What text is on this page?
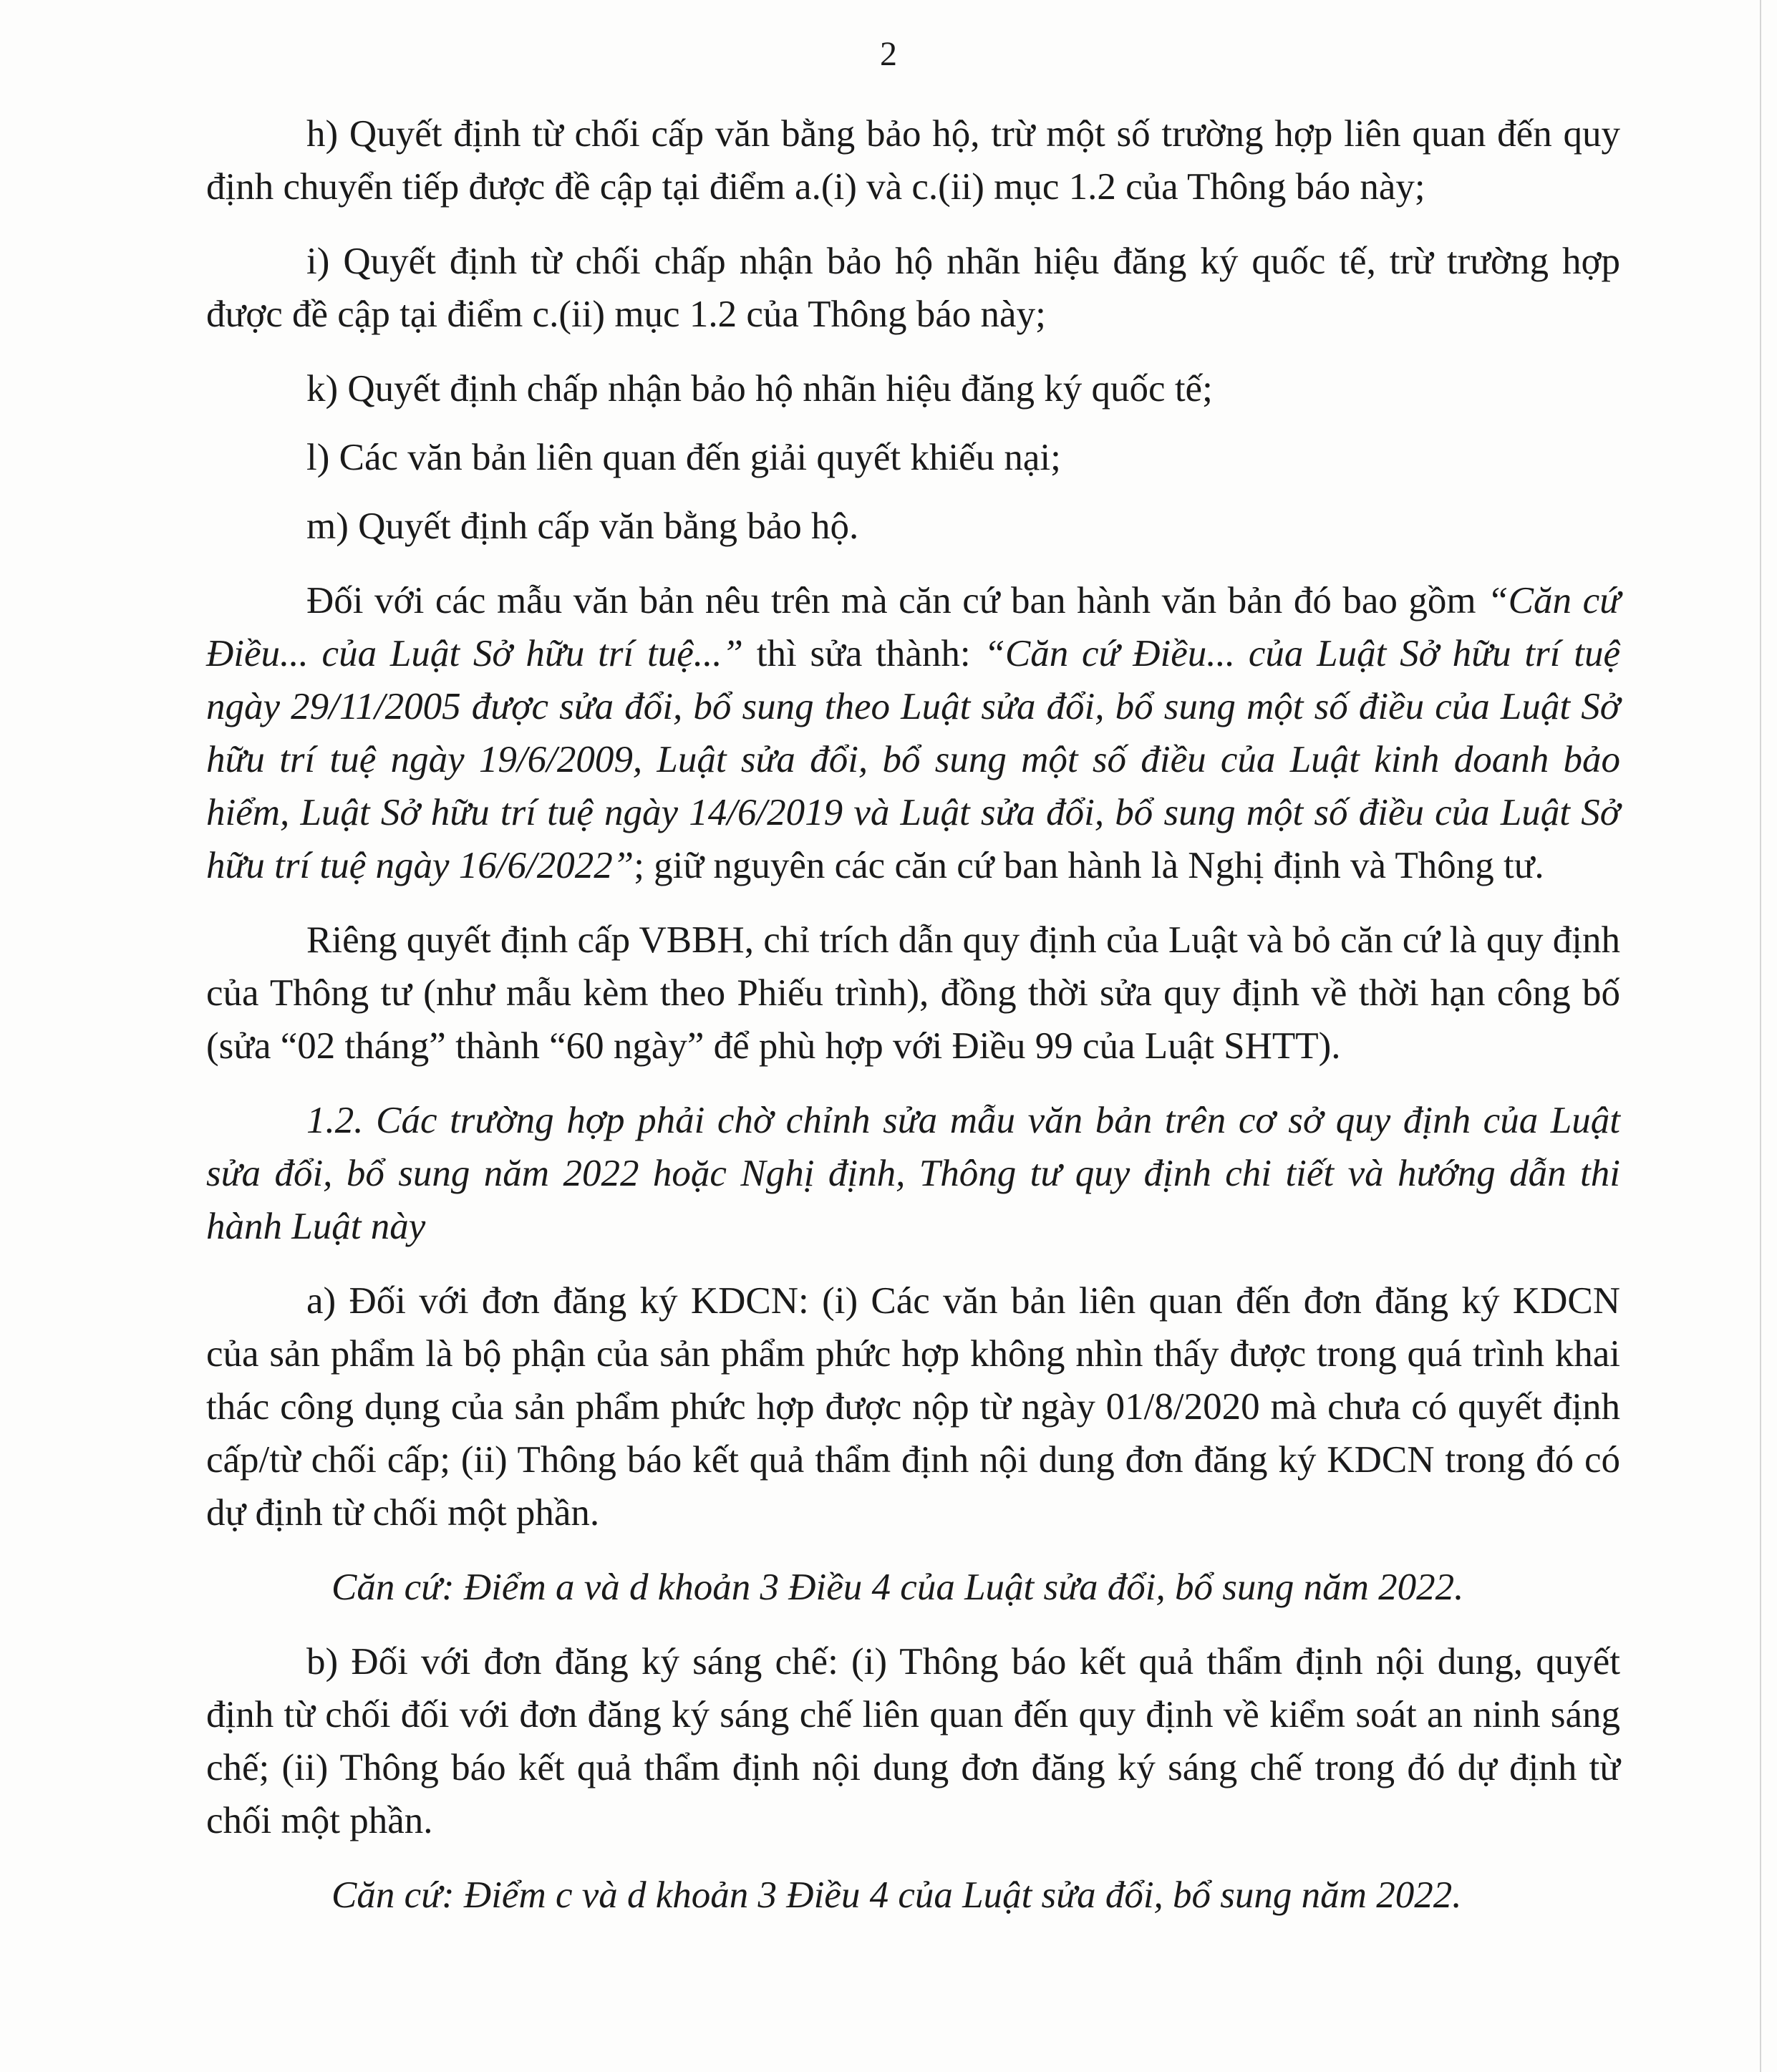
2

h) Quyết định từ chối cấp văn bằng bảo hộ, trừ một số trường hợp liên quan đến quy định chuyển tiếp được đề cập tại điểm a.(i) và c.(ii) mục 1.2 của Thông báo này;

i) Quyết định từ chối chấp nhận bảo hộ nhãn hiệu đăng ký quốc tế, trừ trường hợp được đề cập tại điểm c.(ii) mục 1.2 của Thông báo này;

k) Quyết định chấp nhận bảo hộ nhãn hiệu đăng ký quốc tế;

l) Các văn bản liên quan đến giải quyết khiếu nại;

m) Quyết định cấp văn bằng bảo hộ.

Đối với các mẫu văn bản nêu trên mà căn cứ ban hành văn bản đó bao gồm “Căn cứ Điều... của Luật Sở hữu trí tuệ...” thì sửa thành: “Căn cứ Điều... của Luật Sở hữu trí tuệ ngày 29/11/2005 được sửa đổi, bổ sung theo Luật sửa đổi, bổ sung một số điều của Luật Sở hữu trí tuệ ngày 19/6/2009, Luật sửa đổi, bổ sung một số điều của Luật kinh doanh bảo hiểm, Luật Sở hữu trí tuệ ngày 14/6/2019 và Luật sửa đổi, bổ sung một số điều của Luật Sở hữu trí tuệ ngày 16/6/2022”; giữ nguyên các căn cứ ban hành là Nghị định và Thông tư.

Riêng quyết định cấp VBBH, chỉ trích dẫn quy định của Luật và bỏ căn cứ là quy định của Thông tư (như mẫu kèm theo Phiếu trình), đồng thời sửa quy định về thời hạn công bố (sửa “02 tháng” thành “60 ngày” để phù hợp với Điều 99 của Luật SHTT).

1.2. Các trường hợp phải chờ chỉnh sửa mẫu văn bản trên cơ sở quy định của Luật sửa đổi, bổ sung năm 2022 hoặc Nghị định, Thông tư quy định chi tiết và hướng dẫn thi hành Luật này

a) Đối với đơn đăng ký KDCN: (i) Các văn bản liên quan đến đơn đăng ký KDCN của sản phẩm là bộ phận của sản phẩm phức hợp không nhìn thấy được trong quá trình khai thác công dụng của sản phẩm phức hợp được nộp từ ngày 01/8/2020 mà chưa có quyết định cấp/từ chối cấp; (ii) Thông báo kết quả thẩm định nội dung đơn đăng ký KDCN trong đó có dự định từ chối một phần.

Căn cứ: Điểm a và d khoản 3 Điều 4 của Luật sửa đổi, bổ sung năm 2022.

b) Đối với đơn đăng ký sáng chế: (i) Thông báo kết quả thẩm định nội dung, quyết định từ chối đối với đơn đăng ký sáng chế liên quan đến quy định về kiểm soát an ninh sáng chế; (ii) Thông báo kết quả thẩm định nội dung đơn đăng ký sáng chế trong đó dự định từ chối một phần.

Căn cứ: Điểm c và d khoản 3 Điều 4 của Luật sửa đổi, bổ sung năm 2022.
